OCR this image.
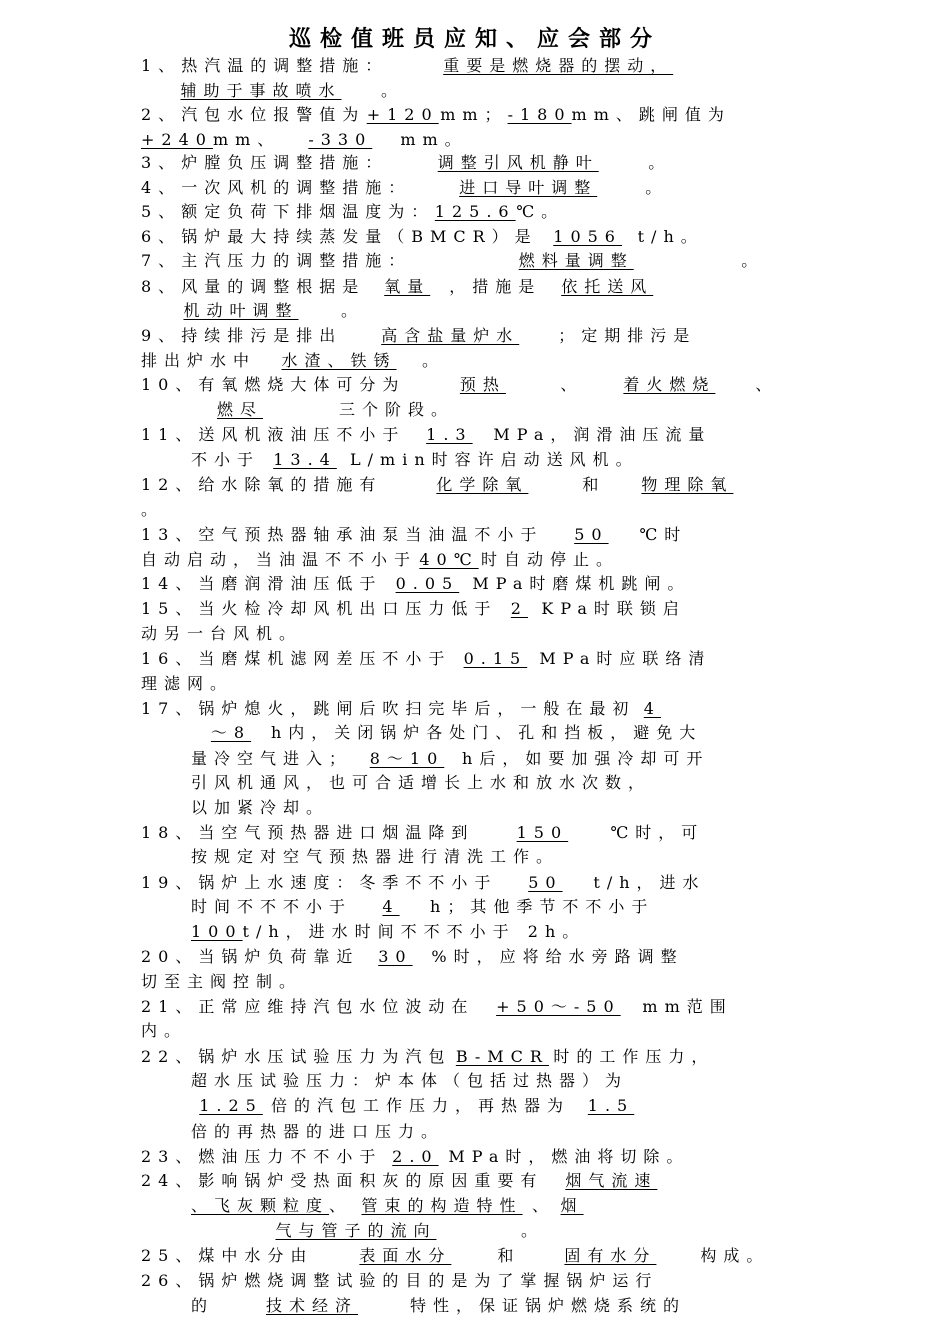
巡检值班员应知、应会部分
1、热汽温的调整措施：	重要是燃烧器的摆动，
辅助于事故喷水 。
2、汽包水位报警值为+120mm；-180mm、跳闸值为
+240mm、 -330 mm。
3、炉膛负压调整措施：	调整引风机静叶	。
4、一次风机的调整措施：	进口导叶调整	。
5、额定负荷下排烟温度为：125.6℃。
6、锅炉最大持续蒸发量（BMCR）是 1056 t/h。
7、主汽压力的调整措施：	燃料量调整	。
8、风量的调整根据是 氧量 ，措施是 依托送风
机动叶调整	。
9、持续排污是排出 高含盐量炉水 ；定期排污是
排出炉水中 水渣、铁锈 。
10、有氧燃烧大体可分为	预热	、 着火燃烧	、
燃尽	三个阶段。
11、送风机液油压不小于 1.3 MPa，润滑油压流量
不小于 13.4 L/min时容许启动送风机。
12、给水除氧的措施有	化学除氧	和 物理除氧
。
13、空气预热器轴承油泵当油温不小于 50 ℃时
自动启动，当油温不不小于 40℃ 时自动停止。
14、当磨润滑油压低于 0.05 MPa时磨煤机跳闸。
15、当火检冷却风机出口压力低于 2 KPa时联锁启
动另一台风机。
16、当磨煤机滤网差压不小于 0.15 MPa时应联络清
理滤网。
17、锅炉熄火，跳闸后吹扫完毕后，一般在最初 4
～8 h内，关闭锅炉各处门、孔和挡板，避免大
量冷空气进入； 8～10 h后，如要加强冷却可开
引风机通风，也可合适增长上水和放水次数，
以加紧冷却。
18、当空气预热器进口烟温降到	150	℃时，可
按规定对空气预热器进行清洗工作。
19、锅炉上水速度：冬季不不小于 50 t/h，进水
时间不不不小于 4 h；其他季节不不小于
100t/h，进水时间不不不小于 2h。
20、当锅炉负荷靠近 30 %时，应将给水旁路调整
切至主阀控制。
21、正常应维持汽包水位波动在 +50～-50 mm范围
内。
22、锅炉水压试验压力为汽包 B-MCR 时的工作压力，
超水压试验压力：炉本体（包括过热器）为
1.25 倍的汽包工作压力，再热器为 1.5
倍的再热器的进口压力。
23、燃油压力不不小于 2.0 MPa时，燃油将切除。
24、影响锅炉受热面积灰的原因重要有 烟气流速
、飞灰颗粒度、 管束的构造特性 、 烟
气与管子的流向	。
25、煤中水分由	表面水分	和	固有水分	构成。
26、锅炉燃烧调整试验的目的是为了掌握锅炉运行
的	技术经济	特性，保证锅炉燃烧系统的
